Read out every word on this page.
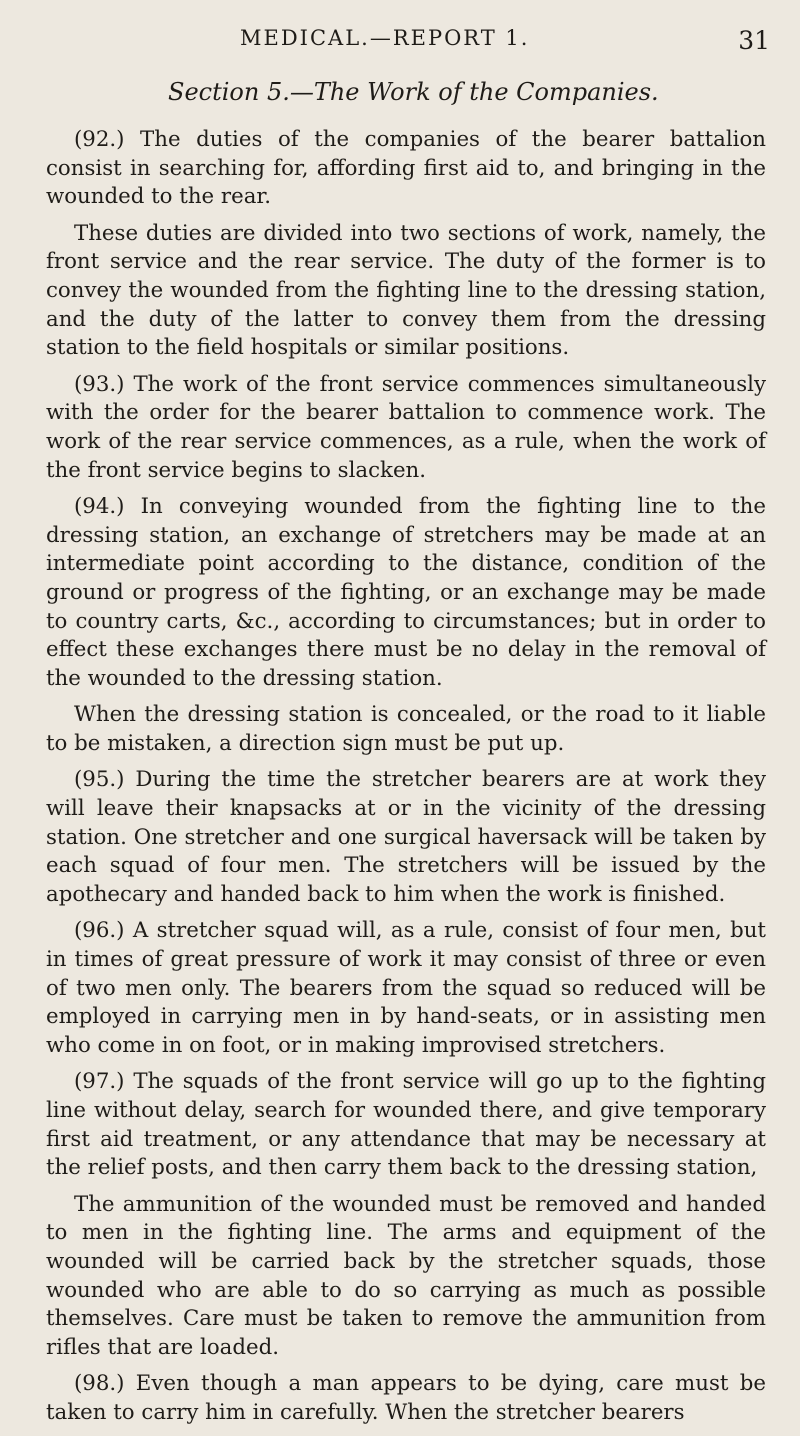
MEDICAL.—REPORT 1.	31
Section 5.—The Work of the Companies.

(92.) The duties of the companies of the bearer battalion consist in searching for, affording first aid to, and bringing in the wounded to the rear.

These duties are divided into two sections of work, namely, the front service and the rear service. The duty of the former is to convey the wounded from the fighting line to the dressing station, and the duty of the latter to convey them from the dressing station to the field hospitals or similar positions.

(93.) The work of the front service commences simultaneously with the order for the bearer battalion to commence work. The work of the rear service commences, as a rule, when the work of the front service begins to slacken.

(94.) In conveying wounded from the fighting line to the dressing station, an exchange of stretchers may be made at an intermediate point according to the distance, condition of the ground or progress of the fighting, or an exchange may be made to country carts, &c., according to circumstances; but in order to effect these exchanges there must be no delay in the removal of the wounded to the dressing station.

When the dressing station is concealed, or the road to it liable to be mistaken, a direction sign must be put up.

(95.) During the time the stretcher bearers are at work they will leave their knapsacks at or in the vicinity of the dressing station. One stretcher and one surgical haversack will be taken by each squad of four men. The stretchers will be issued by the apothecary and handed back to him when the work is finished.

(96.) A stretcher squad will, as a rule, consist of four men, but in times of great pressure of work it may consist of three or even of two men only. The bearers from the squad so reduced will be employed in carrying men in by hand-seats, or in assisting men who come in on foot, or in making improvised stretchers.

(97.) The squads of the front service will go up to the fighting line without delay, search for wounded there, and give temporary first aid treatment, or any attendance that may be necessary at the relief posts, and then carry them back to the dressing station,

The ammunition of the wounded must be removed and handed to men in the fighting line. The arms and equipment of the wounded will be carried back by the stretcher squads, those wounded who are able to do so carrying as much as possible themselves. Care must be taken to remove the ammunition from rifles that are loaded.

(98.) Even though a man appears to be dying, care must be taken to carry him in carefully. When the stretcher bearers
